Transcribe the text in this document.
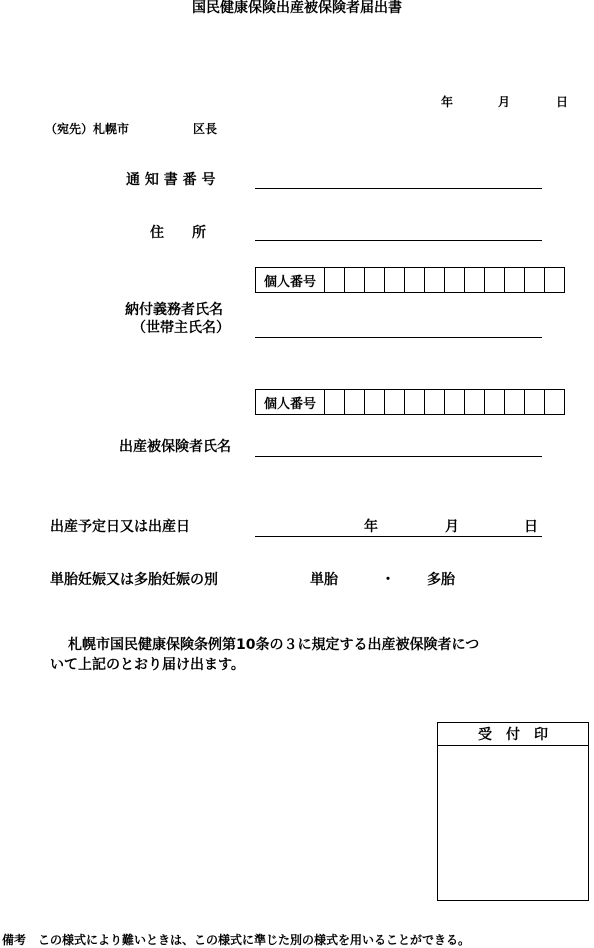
国民健康保険出産被保険者届出書
年	月	日
（宛先）札幌市	区長
通 知 書 番 号
住　　所
個人番号
納付義務者氏名
（世帯主氏名）
個人番号
出産被保険者氏名
出産予定日又は出産日	年	月	日
単胎妊娠又は多胎妊娠の別	単胎	・ 多胎
札幌市国民健康保険条例第10条の３に規定する出産被保険者につ
いて上記のとおり届け出ます。
受　付　印
備考　この様式により難いときは、この様式に準じた別の様式を用いることができる。
